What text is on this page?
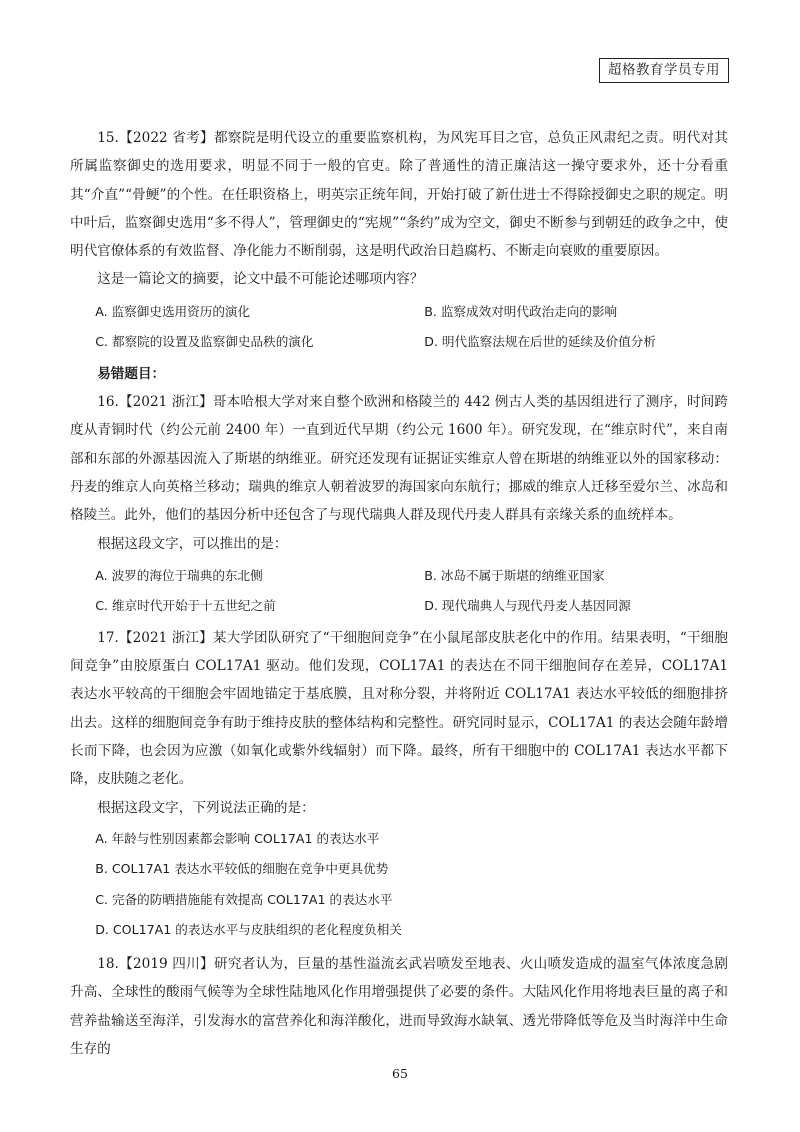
超格教育学员专用

15.【2022 省考】都察院是明代设立的重要监察机构，为风宪耳目之官，总负正风肃纪之责。明代对其所属监察御史的选用要求，明显不同于一般的官吏。除了普通性的清正廉洁这一操守要求外，还十分看重其“介直”“骨鲠”的个性。在任职资格上，明英宗正统年间，开始打破了新仕进士不得除授御史之职的规定。明中叶后，监察御史选用“多不得人”，管理御史的“宪规”“条约”成为空文，御史不断参与到朝廷的政争之中，使明代官僚体系的有效监督、净化能力不断削弱，这是明代政治日趋腐朽、不断走向衰败的重要原因。

这是一篇论文的摘要，论文中最不可能论述哪项内容？

A. 监察御史选用资历的演化	B. 监察成效对明代政治走向的影响
C. 都察院的设置及监察御史品秩的演化	D. 明代监察法规在后世的延续及价值分析

易错题目：

16.【2021 浙江】哥本哈根大学对来自整个欧洲和格陵兰的 442 例古人类的基因组进行了测序，时间跨度从青铜时代（约公元前 2400 年）一直到近代早期（约公元 1600 年）。研究发现，在“维京时代”，来自南部和东部的外源基因流入了斯堪的纳维亚。研究还发现有证据证实维京人曾在斯堪的纳维亚以外的国家移动：丹麦的维京人向英格兰移动；瑞典的维京人朝着波罗的海国家向东航行；挪威的维京人迁移至爱尔兰、冰岛和格陵兰。此外，他们的基因分析中还包含了与现代瑞典人群及现代丹麦人群具有亲缘关系的血统样本。

根据这段文字，可以推出的是：

A. 波罗的海位于瑞典的东北侧	B. 冰岛不属于斯堪的纳维亚国家
C. 维京时代开始于十五世纪之前	D. 现代瑞典人与现代丹麦人基因同源

17.【2021 浙江】某大学团队研究了“干细胞间竞争”在小鼠尾部皮肤老化中的作用。结果表明，“干细胞间竞争”由胶原蛋白 COL17A1 驱动。他们发现，COL17A1 的表达在不同干细胞间存在差异，COL17A1 表达水平较高的干细胞会牢固地锚定于基底膜，且对称分裂，并将附近 COL17A1 表达水平较低的细胞排挤出去。这样的细胞间竞争有助于维持皮肤的整体结构和完整性。研究同时显示，COL17A1 的表达会随年龄增长而下降，也会因为应激（如氧化或紫外线辐射）而下降。最终，所有干细胞中的 COL17A1 表达水平都下降，皮肤随之老化。

根据这段文字，下列说法正确的是：

A. 年龄与性别因素都会影响 COL17A1 的表达水平
B. COL17A1 表达水平较低的细胞在竞争中更具优势
C. 完备的防晒措施能有效提高 COL17A1 的表达水平
D. COL17A1 的表达水平与皮肤组织的老化程度负相关

18.【2019 四川】研究者认为，巨量的基性溢流玄武岩喷发至地表、火山喷发造成的温室气体浓度急剧升高、全球性的酸雨气候等为全球性陆地风化作用增强提供了必要的条件。大陆风化作用将地表巨量的离子和营养盐输送至海洋，引发海水的富营养化和海洋酸化，进而导致海水缺氧、透光带降低等危及当时海洋中生命生存的

65
